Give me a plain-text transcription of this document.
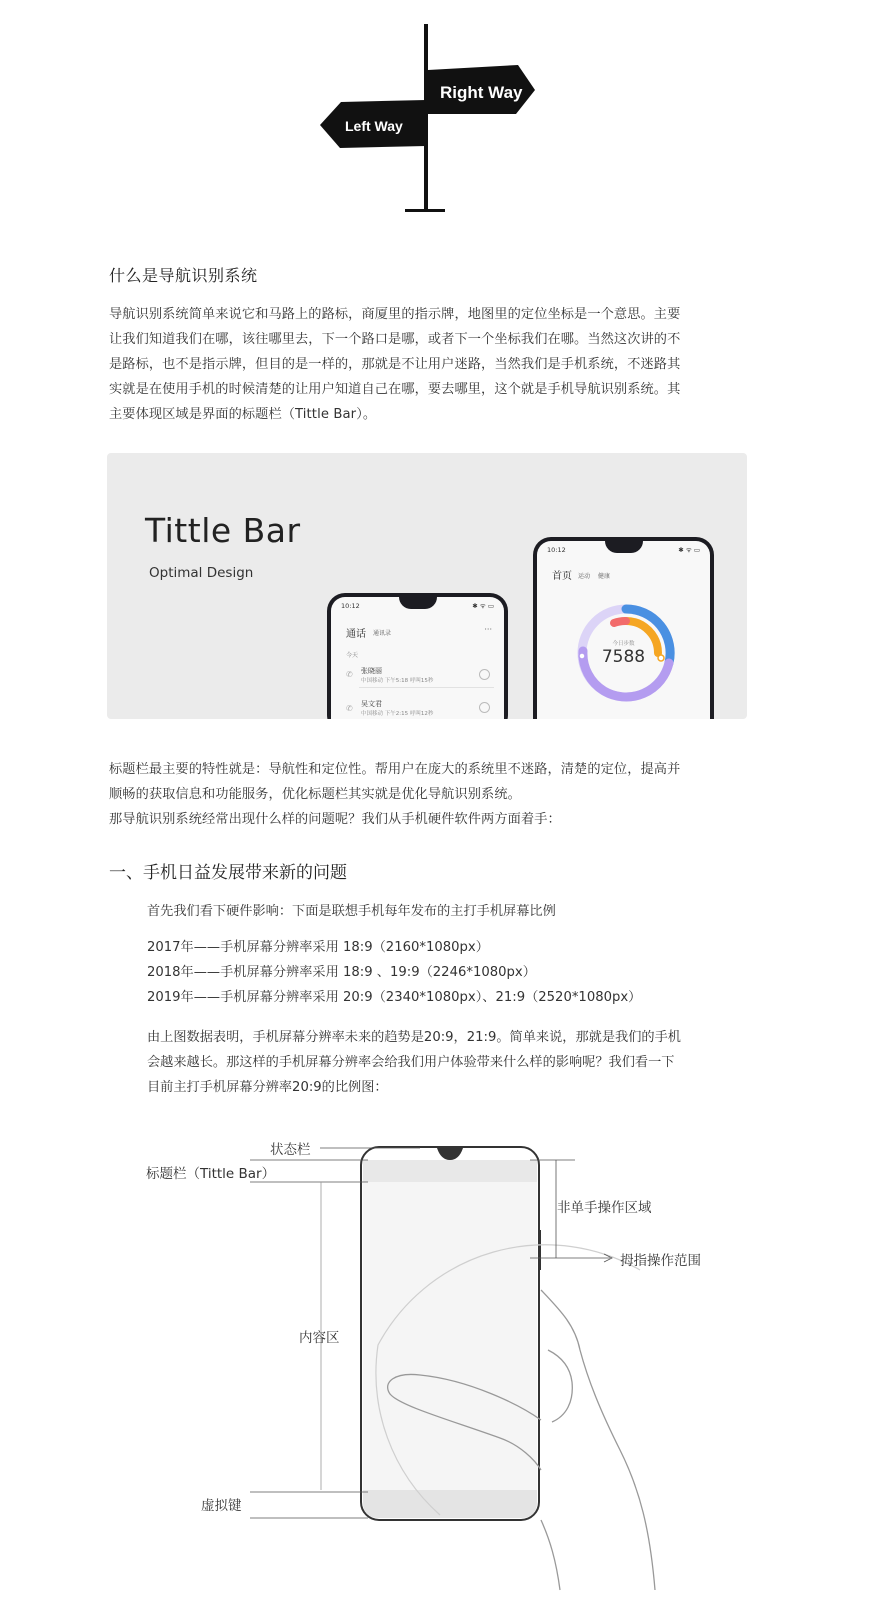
Right Way
Left Way
什么是导航识别系统
导航识别系统简单来说它和马路上的路标，商厦里的指示牌，地图里的定位坐标是一个意思。主要
让我们知道我们在哪，该往哪里去，下一个路口是哪，或者下一个坐标我们在哪。当然这次讲的不
是路标，也不是指示牌，但目的是一样的，那就是不让用户迷路，当然我们是手机系统，不迷路其
实就是在使用手机的时候清楚的让用户知道自己在哪，要去哪里，这个就是手机导航识别系统。其
主要体现区域是界面的标题栏（Tittle Bar）。
Tittle Bar
Optimal Design
10:12	✱ ᯤ ▭
通话 通讯录	···
今天
✆ 张晓丽
中国移动 下午5:18 呼叫15秒
✆ 吴文君
中国移动 下午2:15 呼叫12秒
10:12	✱ ᯤ ▭
首页 运动 健康
今日步数
7588
标题栏最主要的特性就是：导航性和定位性。帮用户在庞大的系统里不迷路，清楚的定位，提高并
顺畅的获取信息和功能服务，优化标题栏其实就是优化导航识别系统。
那导航识别系统经常出现什么样的问题呢？我们从手机硬件软件两方面着手：
一、手机日益发展带来新的问题
首先我们看下硬件影响：下面是联想手机每年发布的主打手机屏幕比例
2017年——手机屏幕分辨率采用 18:9（2160*1080px）
2018年——手机屏幕分辨率采用 18:9 、19:9（2246*1080px）
2019年——手机屏幕分辨率采用 20:9（2340*1080px）、21:9（2520*1080px）
由上图数据表明，手机屏幕分辨率未来的趋势是20:9，21:9。简单来说，那就是我们的手机
会越来越长。那这样的手机屏幕分辨率会给我们用户体验带来什么样的影响呢？我们看一下
目前主打手机屏幕分辨率20:9的比例图：
状态栏
标题栏（Tittle Bar）
内容区
虚拟键
非单手操作区域
拇指操作范围
